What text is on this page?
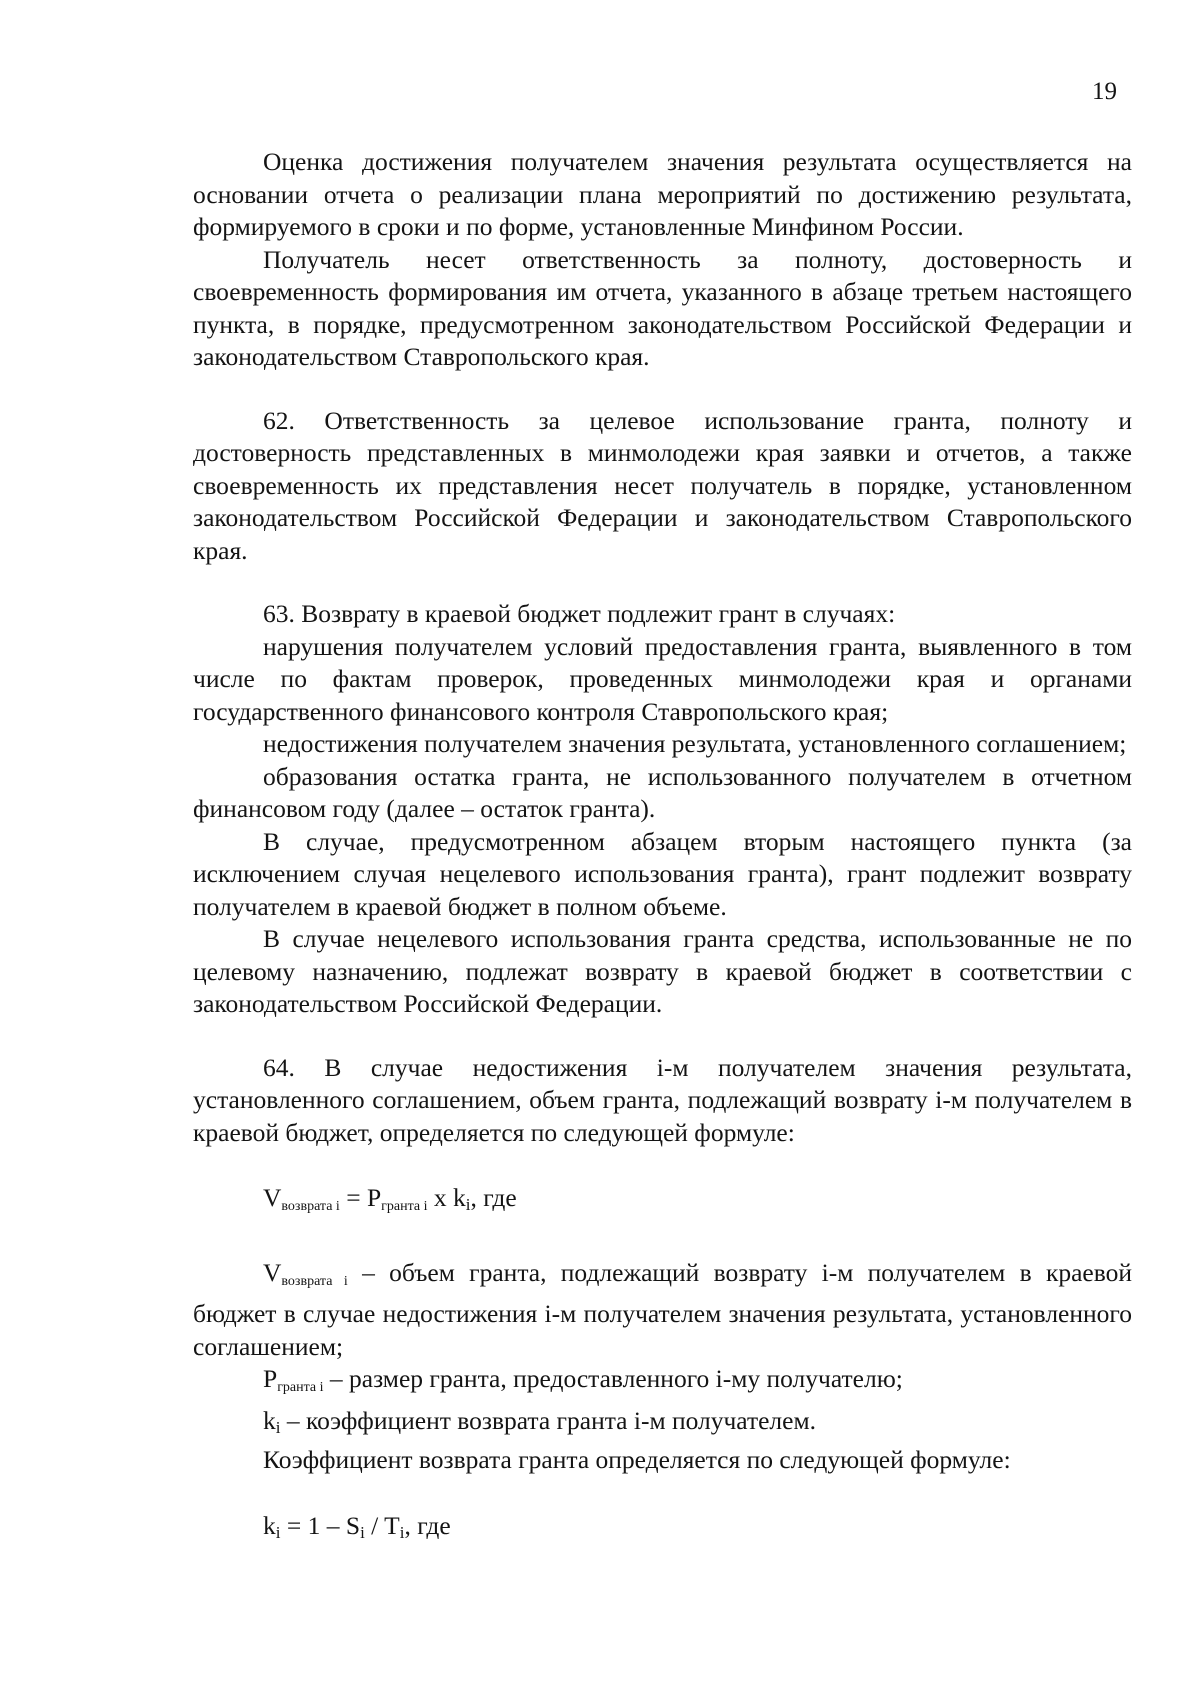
19

Оценка достижения получателем значения результата осуществляется на основании отчета о реализации плана мероприятий по достижению результата, формируемого в сроки и по форме, установленные Минфином России.

Получатель несет ответственность за полноту, достоверность и своевременность формирования им отчета, указанного в абзаце третьем настоящего пункта, в порядке, предусмотренном законодательством Российской Федерации и законодательством Ставропольского края.

62. Ответственность за целевое использование гранта, полноту и достоверность представленных в минмолодежи края заявки и отчетов, а также своевременность их представления несет получатель в порядке, установленном законодательством Российской Федерации и законодательством Ставропольского края.

63. Возврату в краевой бюджет подлежит грант в случаях:

нарушения получателем условий предоставления гранта, выявленного в том числе по фактам проверок, проведенных минмолодежи края и органами государственного финансового контроля Ставропольского края;

недостижения получателем значения результата, установленного соглашением;

образования остатка гранта, не использованного получателем в отчетном финансовом году (далее – остаток гранта).

В случае, предусмотренном абзацем вторым настоящего пункта (за исключением случая нецелевого использования гранта), грант подлежит возврату получателем в краевой бюджет в полном объеме.

В случае нецелевого использования гранта средства, использованные не по целевому назначению, подлежат возврату в краевой бюджет в соответствии с законодательством Российской Федерации.

64. В случае недостижения i-м получателем значения результата, установленного соглашением, объем гранта, подлежащий возврату i-м получателем в краевой бюджет, определяется по следующей формуле:

$V_{возврата i} = P_{гранта i}$ x ki, где

$V_{возврата i}$ – объем гранта, подлежащий возврату i-м получателем в краевой бюджет в случае недостижения i-м получателем значения результата, установленного соглашением;

$P_{гранта i}$ – размер гранта, предоставленного i-му получателю;

ki – коэффициент возврата гранта i-м получателем.

Коэффициент возврата гранта определяется по следующей формуле:

ki = 1 – Si / Ti, где
